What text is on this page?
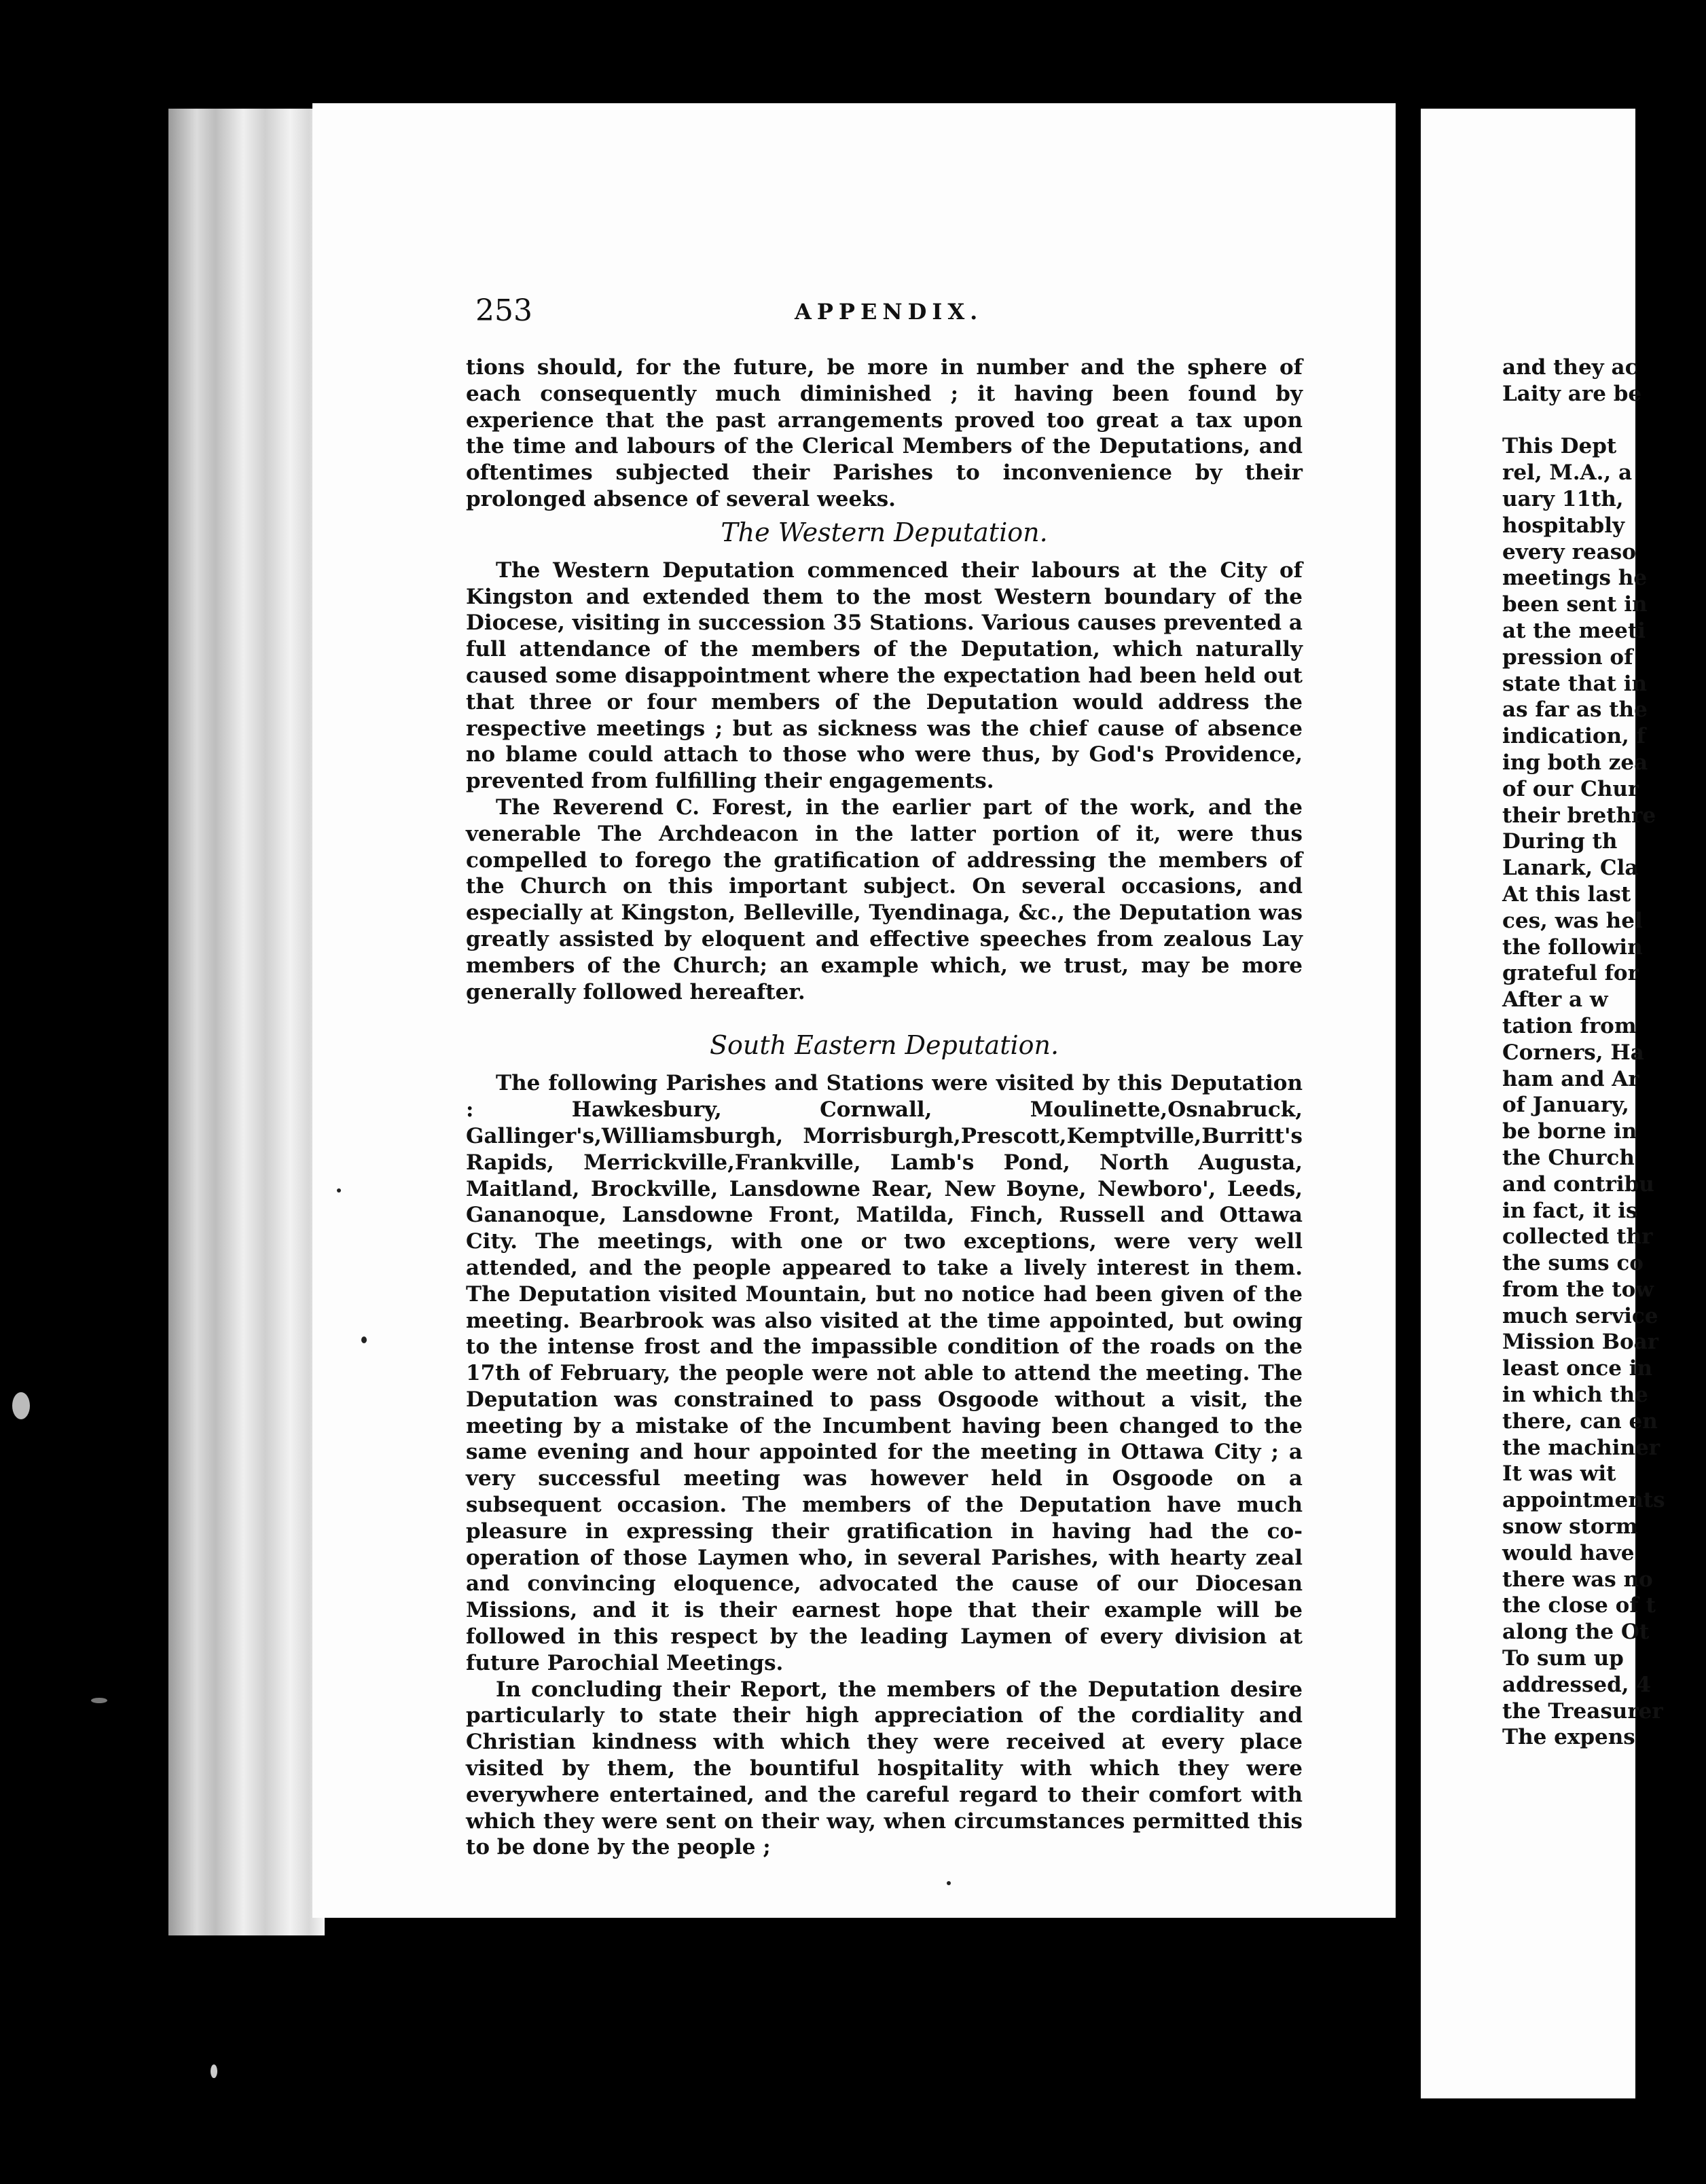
253	APPENDIX.

tions should, for the future, be more in number and the sphere of each consequently much diminished ; it having been found by experience that the past arrangements proved too great a tax upon the time and labours of the Clerical Members of the Deputations, and oftentimes subjected their Parishes to inconvenience by their prolonged absence of several weeks.

The Western Deputation.

The Western Deputation commenced their labours at the City of Kingston and extended them to the most Western boundary of the Diocese, visiting in succession 35 Stations. Various causes prevented a full attendance of the members of the Deputation, which naturally caused some disappointment where the expectation had been held out that three or four members of the Deputation would address the respective meetings ; but as sickness was the chief cause of absence no blame could attach to those who were thus, by God's Providence, prevented from fulfilling their engagements.

The Reverend C. Forest, in the earlier part of the work, and the venerable The Archdeacon in the latter portion of it, were thus compelled to forego the gratification of addressing the members of the Church on this important subject. On several occasions, and especially at Kingston, Belleville, Tyendinaga, &c., the Deputation was greatly assisted by eloquent and effective speeches from zealous Lay members of the Church; an example which, we trust, may be more generally followed hereafter.

South Eastern Deputation.

The following Parishes and Stations were visited by this Deputation : Hawkesbury, Cornwall, Moulinette,Osnabruck, Gallinger's,Williamsburgh, Morrisburgh,Prescott,Kemptville,Burritt's Rapids, Merrickville,Frankville, Lamb's Pond, North Augusta, Maitland, Brockville, Lansdowne Rear, New Boyne, Newboro', Leeds, Gananoque, Lansdowne Front, Matilda, Finch, Russell and Ottawa City. The meetings, with one or two exceptions, were very well attended, and the people appeared to take a lively interest in them. The Deputation visited Mountain, but no notice had been given of the meeting. Bearbrook was also visited at the time appointed, but owing to the intense frost and the impassible condition of the roads on the 17th of February, the people were not able to attend the meeting. The Deputation was constrained to pass Osgoode without a visit, the meeting by a mistake of the Incumbent having been changed to the same evening and hour appointed for the meeting in Ottawa City ; a very successful meeting was however held in Osgoode on a subsequent occasion. The members of the Deputation have much pleasure in expressing their gratification in having had the co-operation of those Laymen who, in several Parishes, with hearty zeal and convincing eloquence, advocated the cause of our Diocesan Missions, and it is their earnest hope that their example will be followed in this respect by the leading Laymen of every division at future Parochial Meetings.

In concluding their Report, the members of the Deputation desire particularly to state their high appreciation of the cordiality and Christian kindness with which they were received at every place visited by them, the bountiful hospitality with which they were everywhere entertained, and the careful regard to their comfort with which they were sent on their way, when circumstances permitted this to be done by the people ;

and they ac
Laity are be
This Dept
rel, M.A., a
uary 11th,
hospitably
every reaso
meetings he
been sent in
at the meeti
pression of
state that in
as far as the
indication, f
ing both zea
of our Chur
their brethre
During th
Lanark, Cla
At this last
ces, was hel
the followin
grateful for
After a w
tation from
Corners, Ha
ham and Ar
of January,
be borne in
the Church
and contribu
in fact, it is
collected thr
the sums co
from the tow
much service
Mission Boar
least once in
in which the
there, can en
the machiner
It was wit
appointments
snow storm
would have
there was no
the close of t
along the Ot
To sum up
addressed, 4
the Treasurer
The expens
